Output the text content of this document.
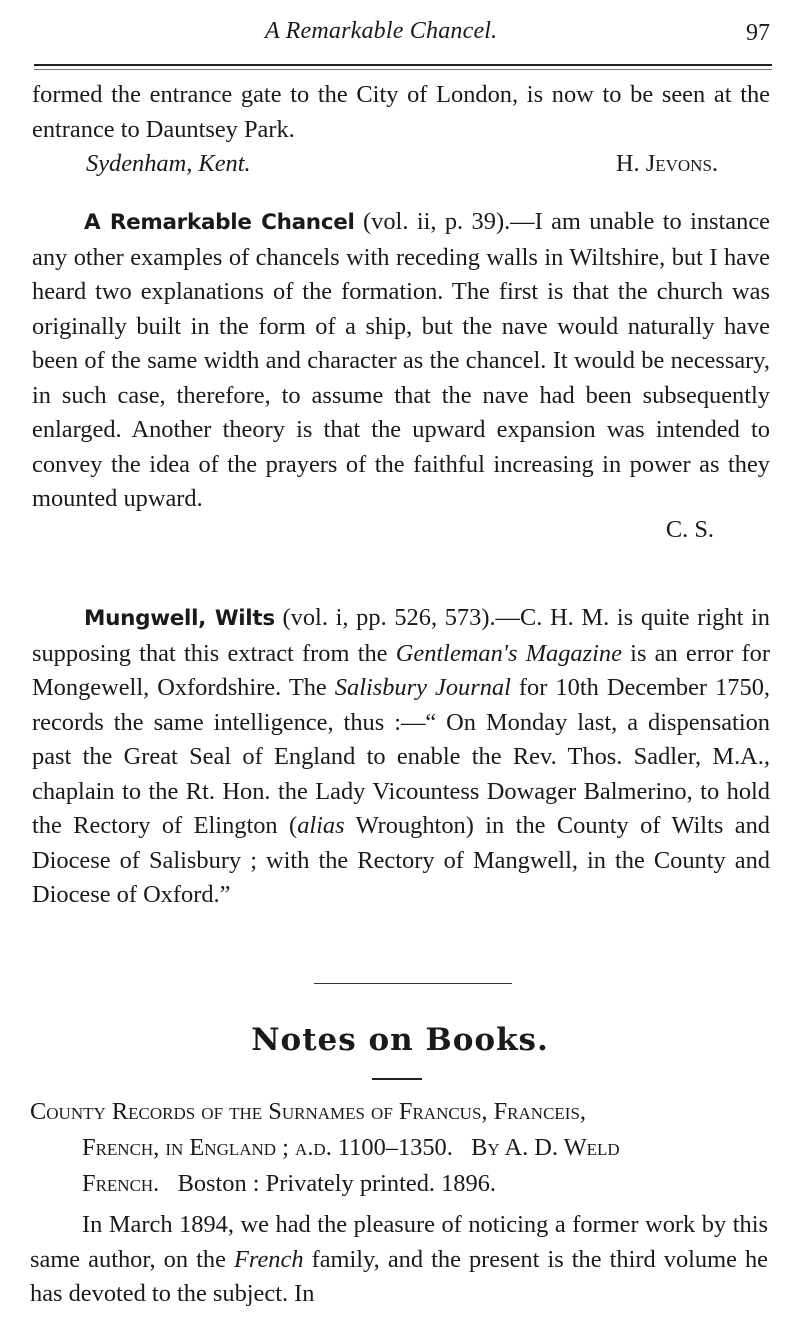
A Remarkable Chancel.	97

formed the entrance gate to the City of London, is now to be seen at the entrance to Dauntsey Park.

Sydenham, Kent.	H. Jevons.

A Remarkable Chancel (vol. ii, p. 39).—I am unable to instance any other examples of chancels with receding walls in Wiltshire, but I have heard two explanations of the formation. The first is that the church was originally built in the form of a ship, but the nave would naturally have been of the same width and character as the chancel. It would be necessary, in such case, therefore, to assume that the nave had been subsequently enlarged. Another theory is that the upward expansion was intended to convey the idea of the prayers of the faithful increasing in power as they mounted upward.

C. S.

Mungwell, Wilts (vol. i, pp. 526, 573).—C. H. M. is quite right in supposing that this extract from the Gentleman's Magazine is an error for Mongewell, Oxfordshire. The Salisbury Journal for 10th December 1750, records the same intelligence, thus :—“ On Monday last, a dispensation past the Great Seal of England to enable the Rev. Thos. Sadler, M.A., chaplain to the Rt. Hon. the Lady Vicountess Dowager Balmerino, to hold the Rectory of Elington (alias Wroughton) in the County of Wilts and Diocese of Salisbury ; with the Rectory of Mangwell, in the County and Diocese of Oxford.”

Notes on Books.
County Records of the Surnames of Francus, Franceis,
French, in England ; a.d. 1100–1350. By A. D. Weld
French. Boston : Privately printed. 1896.

In March 1894, we had the pleasure of noticing a former work by this same author, on the French family, and the present is the third volume he has devoted to the subject. In
